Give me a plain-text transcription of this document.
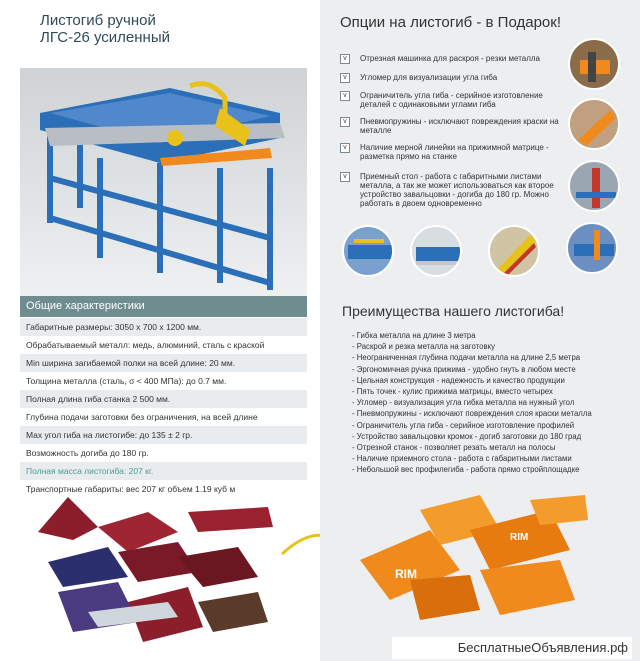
Листогиб ручной
ЛГС-26 усиленный
Общие характеристики
Габаритные размеры: 3050 x 700 x 1200 мм.
Обрабатываемый металл: медь, алюминий, сталь с краской
Min ширина загибаемой полки на всей длине: 20 мм.
Толщина металла (сталь, σ < 400 МПа): до 0.7 мм.
Полная длина гиба станка 2 500 мм.
Глубина подачи заготовки без ограничения, на всей длине
Мах угол гиба на листогибе: до 135 ± 2 гр.
Возможность догиба до 180 гр.
Полная масса листогиба: 207 кг.
Транспортные габариты: вес 207 кг объем 1.19 куб м
Опции на листогиб - в Подарок!
v	Отрезная машинка для раскроя - резки металла
v	Угломер для визуализации угла гиба
v	Ограничитель угла гиба - серийное изготовление деталей с одинаковыми углами гиба
v	Пневмопружины - исключают повреждения краски на металле
v	Наличие мерной линейки на прижимной матрице - разметка прямо на станке
v	Приемный стол - работа с габаритными листами металла, а так же может использоваться как второе устройство завальцовки - догиба до 180 гр. Можно работать в двоем одновременно
Преимущества нашего листогиба!
- Гибка металла на длине 3 метра
- Раскрой и резка металла на заготовку
- Неограниченная глубина подачи металла на длине 2,5 метра
- Эргономичная ручка прижима - удобно гнуть в любом месте
- Цельная конструкция - надежность и качество продукции
- Пять точек - кулис прижима матрицы, вместо четырех
- Угломер - визуализация угла гибка металла на нужный угол
- Пневмопружины - исключают повреждения слоя краски металла
- Ограничитель угла гиба - серийное изготовление профилей
- Устройство завальцовки кромок - догиб заготовки до 180 град
- Отрезной станок - позволяет резать металл на полосы
- Наличие приемного стола - работа с габаритными листами
- Небольшой вес профилегиба - работа прямо стройплощадке
RIM
RIM
БесплатныеОбъявления.рф
